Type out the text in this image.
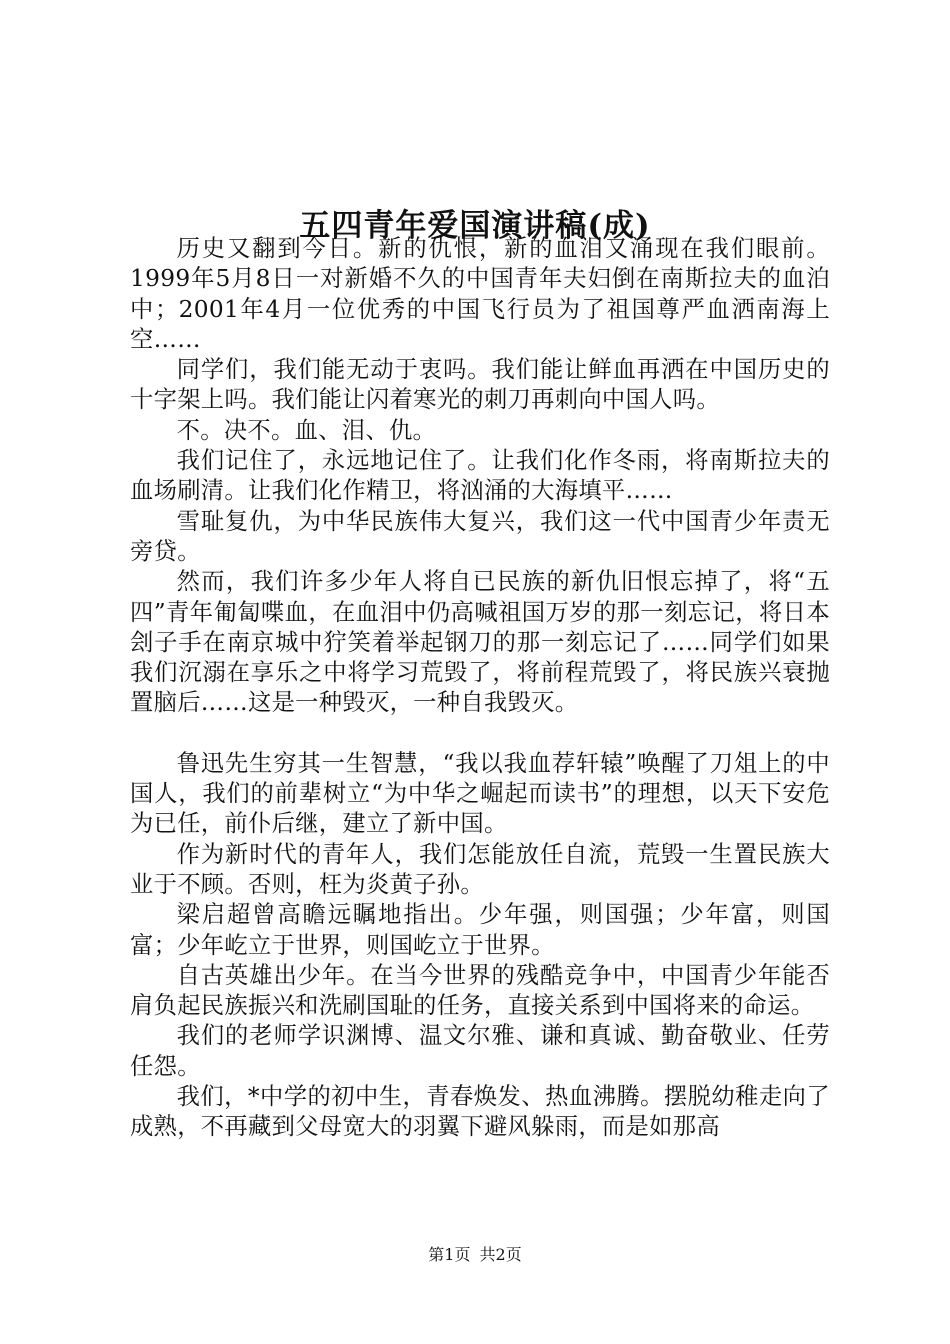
五四青年爱国演讲稿(成)

历史又翻到今日。新的仇恨，新的血泪又涌现在我们眼前。1999年5月8日一对新婚不久的中国青年夫妇倒在南斯拉夫的血泊中；2001年4月一位优秀的中国飞行员为了祖国尊严血洒南海上空……

同学们，我们能无动于衷吗。我们能让鲜血再洒在中国历史的十字架上吗。我们能让闪着寒光的刺刀再刺向中国人吗。

不。决不。血、泪、仇。

我们记住了，永远地记住了。让我们化作冬雨，将南斯拉夫的血场刷清。让我们化作精卫，将汹涌的大海填平……

雪耻复仇，为中华民族伟大复兴，我们这一代中国青少年责无旁贷。

然而，我们许多少年人将自已民族的新仇旧恨忘掉了，将“五四”青年匍匐喋血，在血泪中仍高喊祖国万岁的那一刻忘记，将日本刽子手在南京城中狞笑着举起钢刀的那一刻忘记了……同学们如果我们沉溺在享乐之中将学习荒毁了，将前程荒毁了，将民族兴衰抛置脑后……这是一种毁灭，一种自我毁灭。

鲁迅先生穷其一生智慧，“我以我血荐轩辕”唤醒了刀俎上的中国人，我们的前辈树立“为中华之崛起而读书”的理想，以天下安危为已任，前仆后继，建立了新中国。

作为新时代的青年人，我们怎能放任自流，荒毁一生置民族大业于不顾。否则，枉为炎黄子孙。

梁启超曾高瞻远瞩地指出。少年强，则国强；少年富，则国富；少年屹立于世界，则国屹立于世界。

自古英雄出少年。在当今世界的残酷竞争中，中国青少年能否肩负起民族振兴和洗刷国耻的任务，直接关系到中国将来的命运。

我们的老师学识渊博、温文尔雅、谦和真诚、勤奋敬业、任劳任怨。

我们，*中学的初中生，青春焕发、热血沸腾。摆脱幼稚走向了成熟，不再藏到父母宽大的羽翼下避风躲雨，而是如那高

第1页 共2页
